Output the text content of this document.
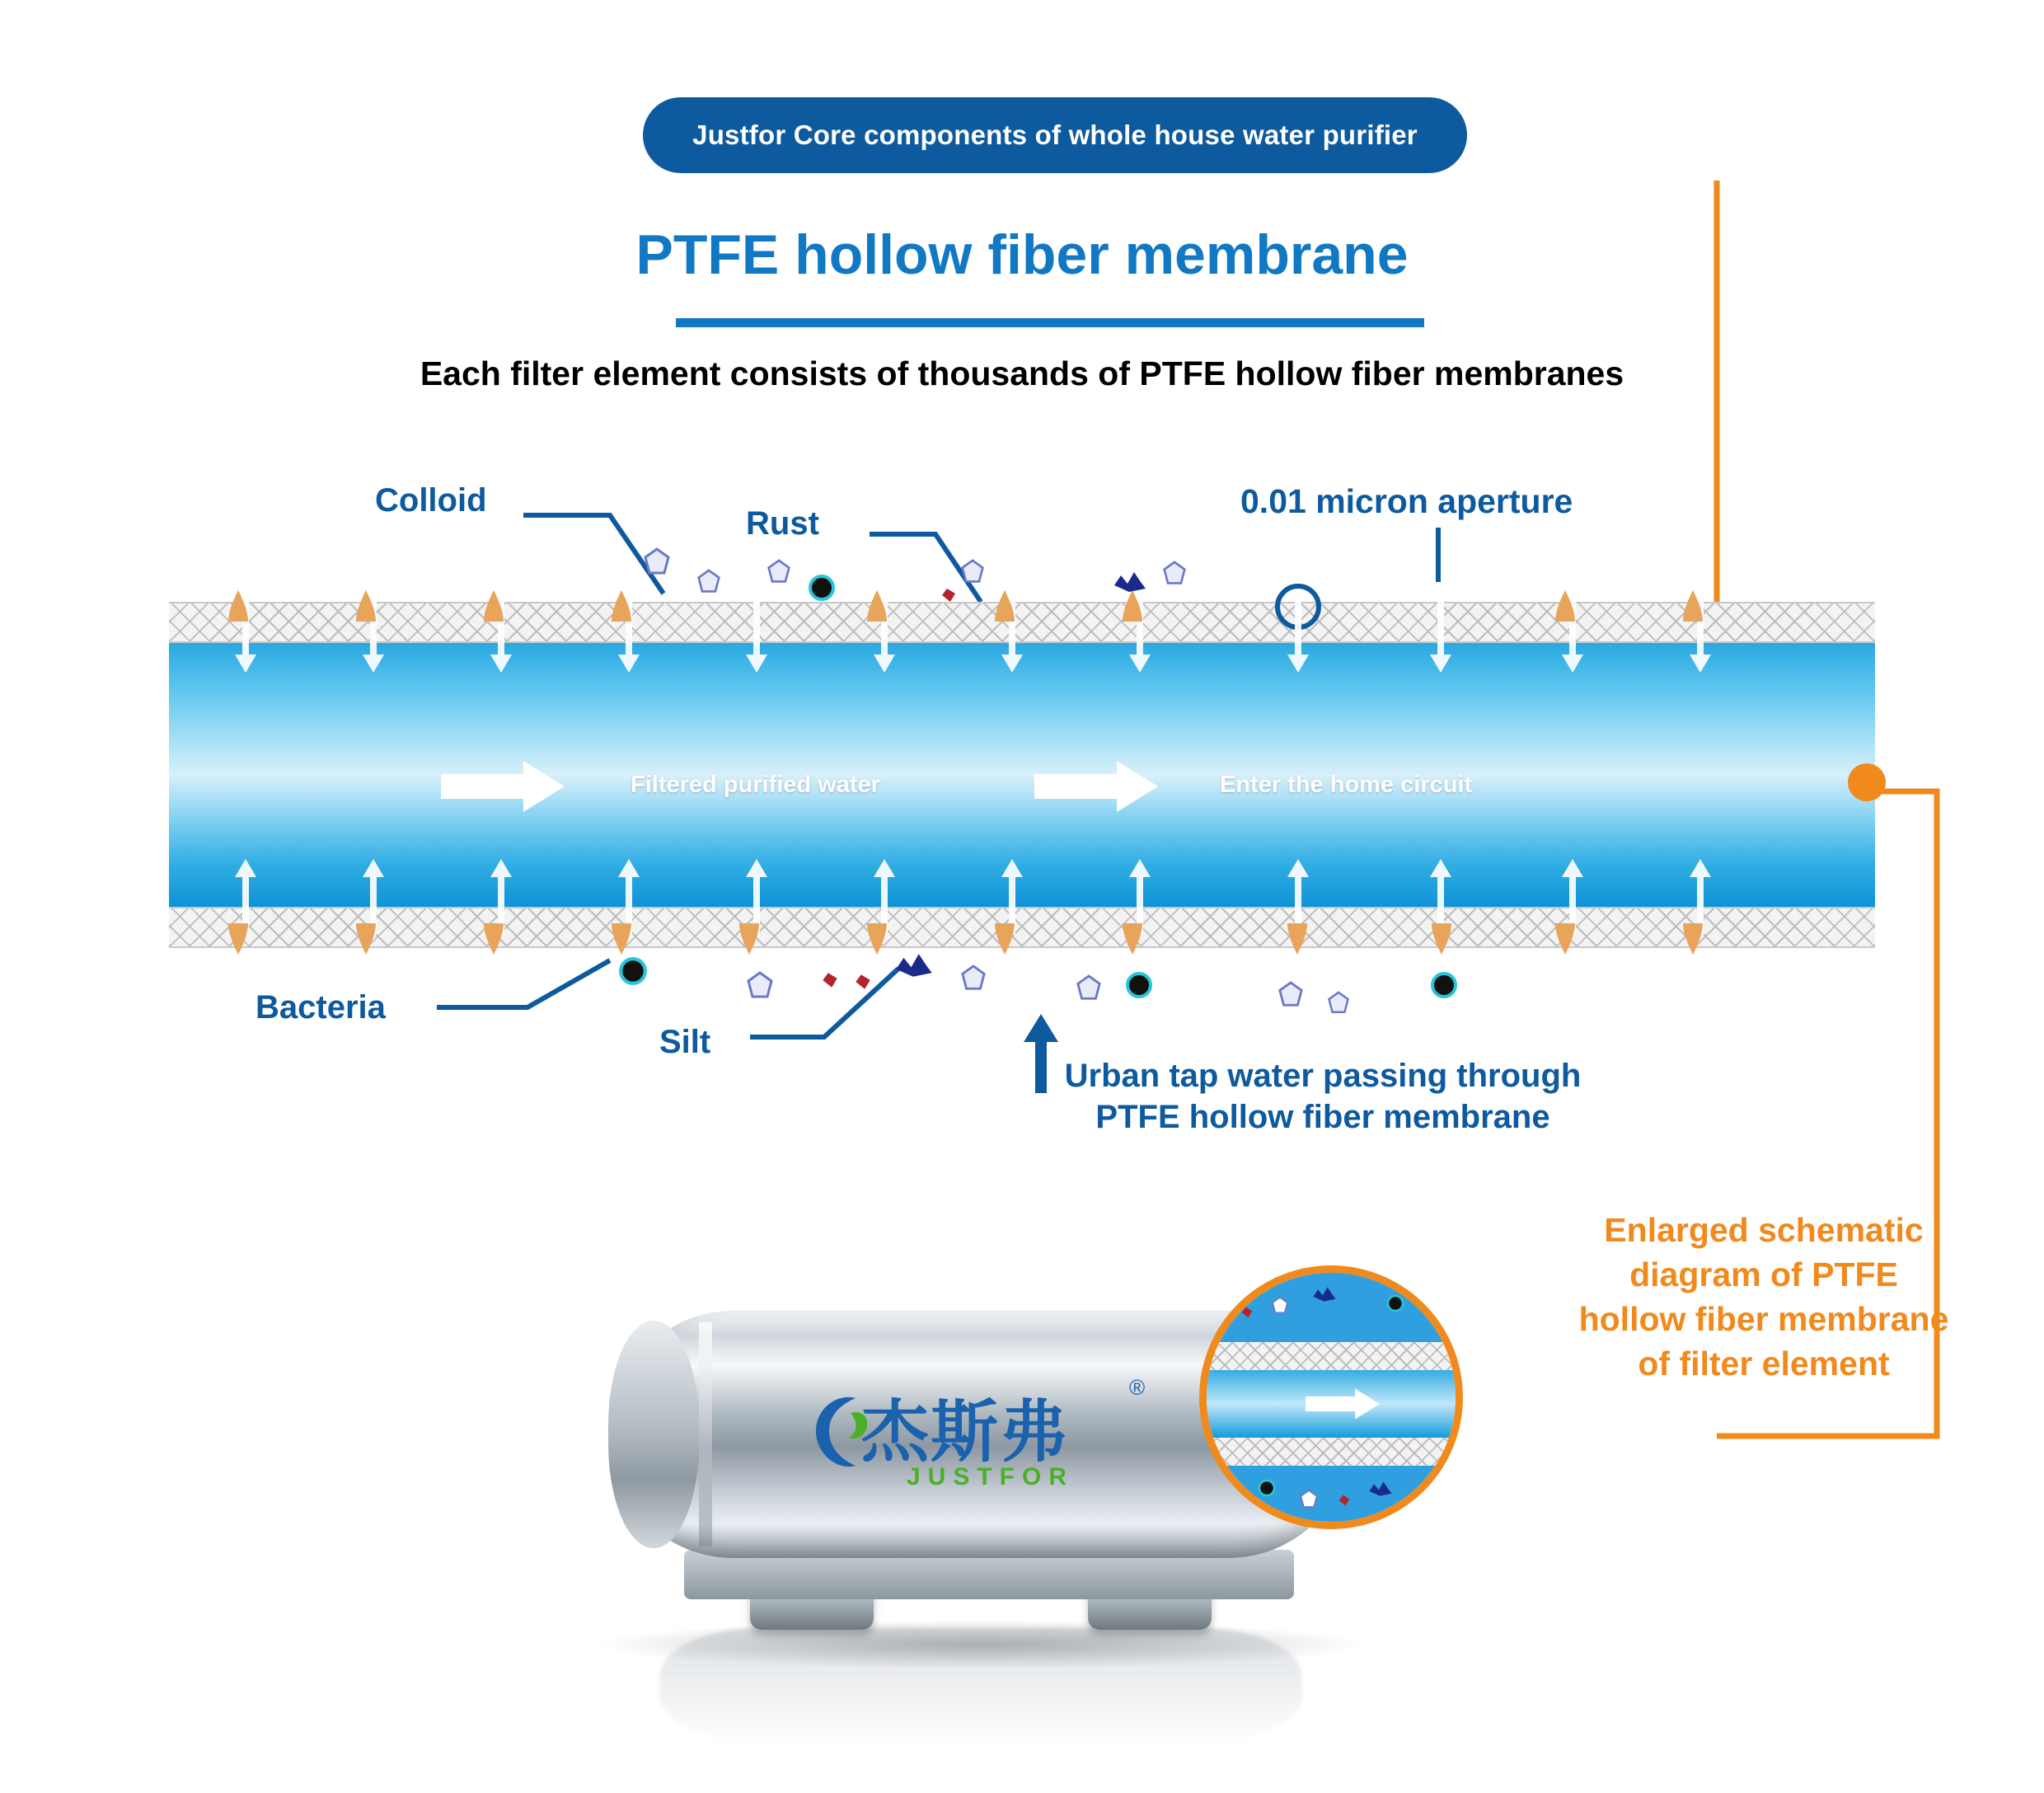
Justfor Core components of whole house water purifier
PTFE hollow fiber membrane
Each filter element consists of thousands of PTFE hollow fiber membranes
Filtered purified water	Enter the home circuit
Colloid
Rust
0.01 micron aperture
Bacteria
Silt
Urban tap water passing through
PTFE hollow fiber membrane
Enlarged schematic
diagram of PTFE
hollow fiber membrane
of filter element
杰斯弗
®
JUSTFOR
